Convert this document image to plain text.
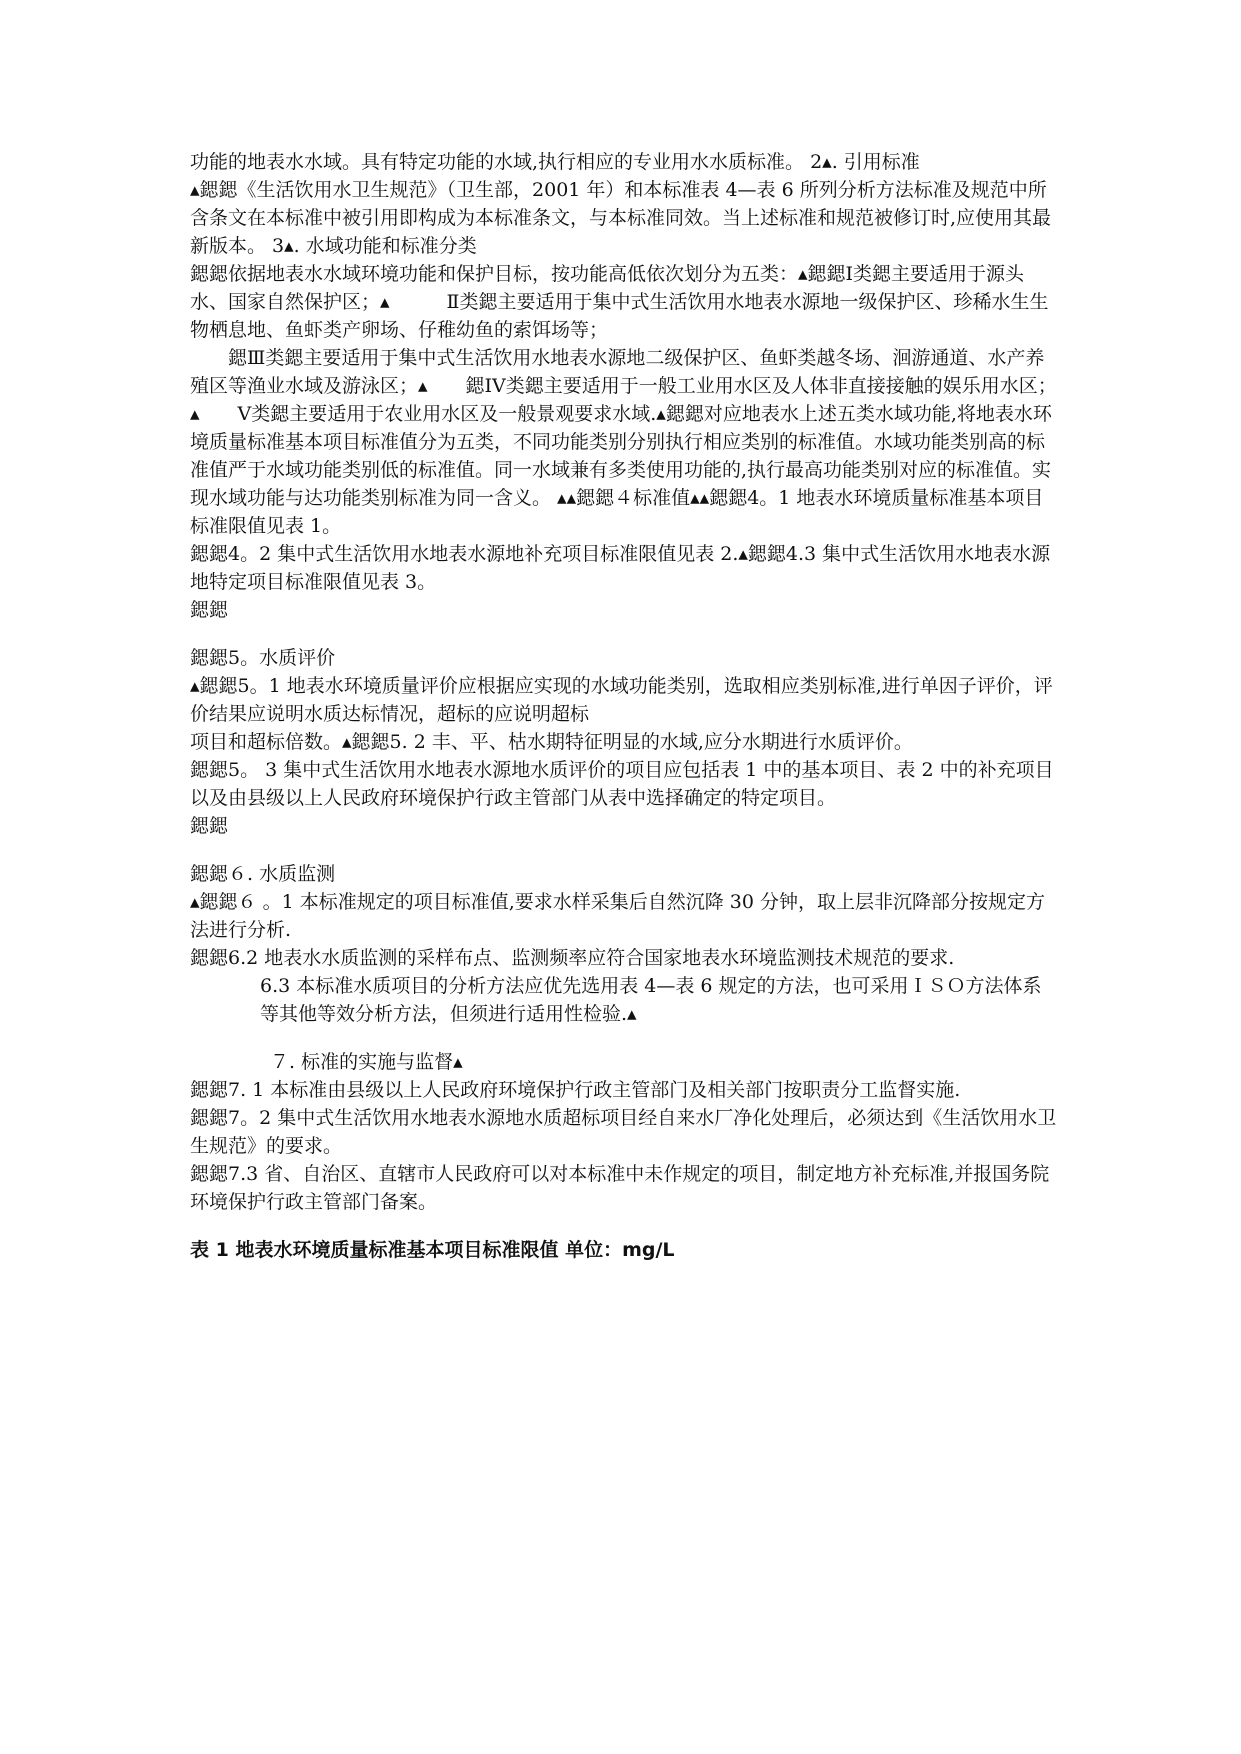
功能的地表水水域。具有特定功能的水域,执行相应的专业用水水质标准。 2▴. 引用标准

▴鍶鍶《生活饮用水卫生规范》（卫生部，2001 年）和本标准表 4—表 6 所列分析方法标准及规范中所含条文在本标准中被引用即构成为本标准条文，与本标准同效。当上述标准和规范被修订时,应使用其最新版本。 3▴. 水域功能和标准分类

鍶鍶依据地表水水域环境功能和保护目标，按功能高低依次划分为五类：▴鍶鍶Ⅰ类鍶主要适用于源头水、国家自然保护区；▴　　　Ⅱ类鍶主要适用于集中式生活饮用水地表水源地一级保护区、珍稀水生生物栖息地、鱼虾类产卵场、仔稚幼鱼的索饵场等；

鍶Ⅲ类鍶主要适用于集中式生活饮用水地表水源地二级保护区、鱼虾类越冬场、洄游通道、水产养殖区等渔业水域及游泳区；▴　　鍶ⅠⅤ类鍶主要适用于一般工业用水区及人体非直接接触的娱乐用水区；▴　　Ⅴ类鍶主要适用于农业用水区及一般景观要求水域.▴鍶鍶对应地表水上述五类水域功能,将地表水环境质量标准基本项目标准值分为五类，不同功能类别分别执行相应类别的标准值。水域功能类别高的标准值严于水域功能类别低的标准值。同一水域兼有多类使用功能的,执行最高功能类别对应的标准值。实现水域功能与达功能类别标准为同一含义。 ▴▴鍶鍶４标准值▴▴鍶鍶4。1 地表水环境质量标准基本项目标准限值见表 1。

鍶鍶4。2 集中式生活饮用水地表水源地补充项目标准限值见表 2.▴鍶鍶4.3 集中式生活饮用水地表水源地特定项目标准限值见表 3。

鍶鍶

鍶鍶5。水质评价

▴鍶鍶5。1 地表水环境质量评价应根据应实现的水域功能类别，选取相应类别标准,进行单因子评价，评价结果应说明水质达标情况，超标的应说明超标

项目和超标倍数。▴鍶鍶5. 2 丰、平、枯水期特征明显的水域,应分水期进行水质评价。

鍶鍶5。 3 集中式生活饮用水地表水源地水质评价的项目应包括表 1 中的基本项目、表 2 中的补充项目以及由县级以上人民政府环境保护行政主管部门从表中选择确定的特定项目。

鍶鍶

鍶鍶６. 水质监测

▴鍶鍶６ 。1 本标准规定的项目标准值,要求水样采集后自然沉降 30 分钟，取上层非沉降部分按规定方法进行分析.

鍶鍶6.2 地表水水质监测的采样布点、监测频率应符合国家地表水环境监测技术规范的要求.

6.3 本标准水质项目的分析方法应优先选用表 4—表 6 规定的方法，也可采用ＩＳＯ方法体系等其他等效分析方法，但须进行适用性检验.▴

７. 标准的实施与监督▴

鍶鍶7. 1 本标准由县级以上人民政府环境保护行政主管部门及相关部门按职责分工监督实施.

鍶鍶7。2 集中式生活饮用水地表水源地水质超标项目经自来水厂净化处理后，必须达到《生活饮用水卫生规范》的要求。

鍶鍶7.3 省、自治区、直辖市人民政府可以对本标准中未作规定的项目，制定地方补充标准,并报国务院环境保护行政主管部门备案。

表 1 地表水环境质量标准基本项目标准限值 单位：mg/L
